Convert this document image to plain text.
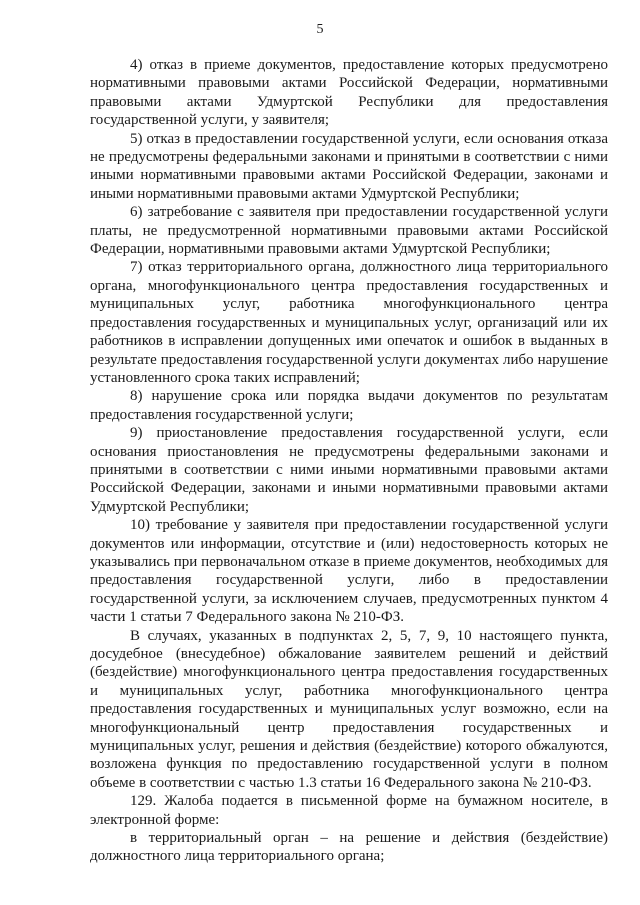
5

4) отказ в приеме документов, предоставление которых предусмотрено нормативными правовыми актами Российской Федерации, нормативными правовыми актами Удмуртской Республики для предоставления государственной услуги, у заявителя;

5) отказ в предоставлении государственной услуги, если основания отказа не предусмотрены федеральными законами и принятыми в соответствии с ними иными нормативными правовыми актами Российской Федерации, законами и иными нормативными правовыми актами Удмуртской Республики;

6) затребование с заявителя при предоставлении государственной услуги платы, не предусмотренной нормативными правовыми актами Российской Федерации, нормативными правовыми актами Удмуртской Республики;

7) отказ территориального органа, должностного лица территориального органа, многофункционального центра предоставления государственных и муниципальных услуг, работника многофункционального центра предоставления государственных и муниципальных услуг, организаций или их работников в исправлении допущенных ими опечаток и ошибок в выданных в результате предоставления государственной услуги документах либо нарушение установленного срока таких исправлений;

8) нарушение срока или порядка выдачи документов по результатам предоставления государственной услуги;

9) приостановление предоставления государственной услуги, если основания приостановления не предусмотрены федеральными законами и принятыми в соответствии с ними иными нормативными правовыми актами Российской Федерации, законами и иными нормативными правовыми актами Удмуртской Республики;

10) требование у заявителя при предоставлении государственной услуги документов или информации, отсутствие и (или) недостоверность которых не указывались при первоначальном отказе в приеме документов, необходимых для предоставления государственной услуги, либо в предоставлении государственной услуги, за исключением случаев, предусмотренных пунктом 4 части 1 статьи 7 Федерального закона № 210-ФЗ.

В случаях, указанных в подпунктах 2, 5, 7, 9, 10 настоящего пункта, досудебное (внесудебное) обжалование заявителем решений и действий (бездействие) многофункционального центра предоставления государственных и муниципальных услуг, работника многофункционального центра предоставления государственных и муниципальных услуг возможно, если на многофункциональный центр предоставления государственных и муниципальных услуг, решения и действия (бездействие) которого обжалуются, возложена функция по предоставлению государственной услуги в полном объеме в соответствии с частью 1.3 статьи 16 Федерального закона № 210-ФЗ.

129. Жалоба подается в письменной форме на бумажном носителе, в электронной форме:

в территориальный орган – на решение и действия (бездействие) должностного лица территориального органа;
